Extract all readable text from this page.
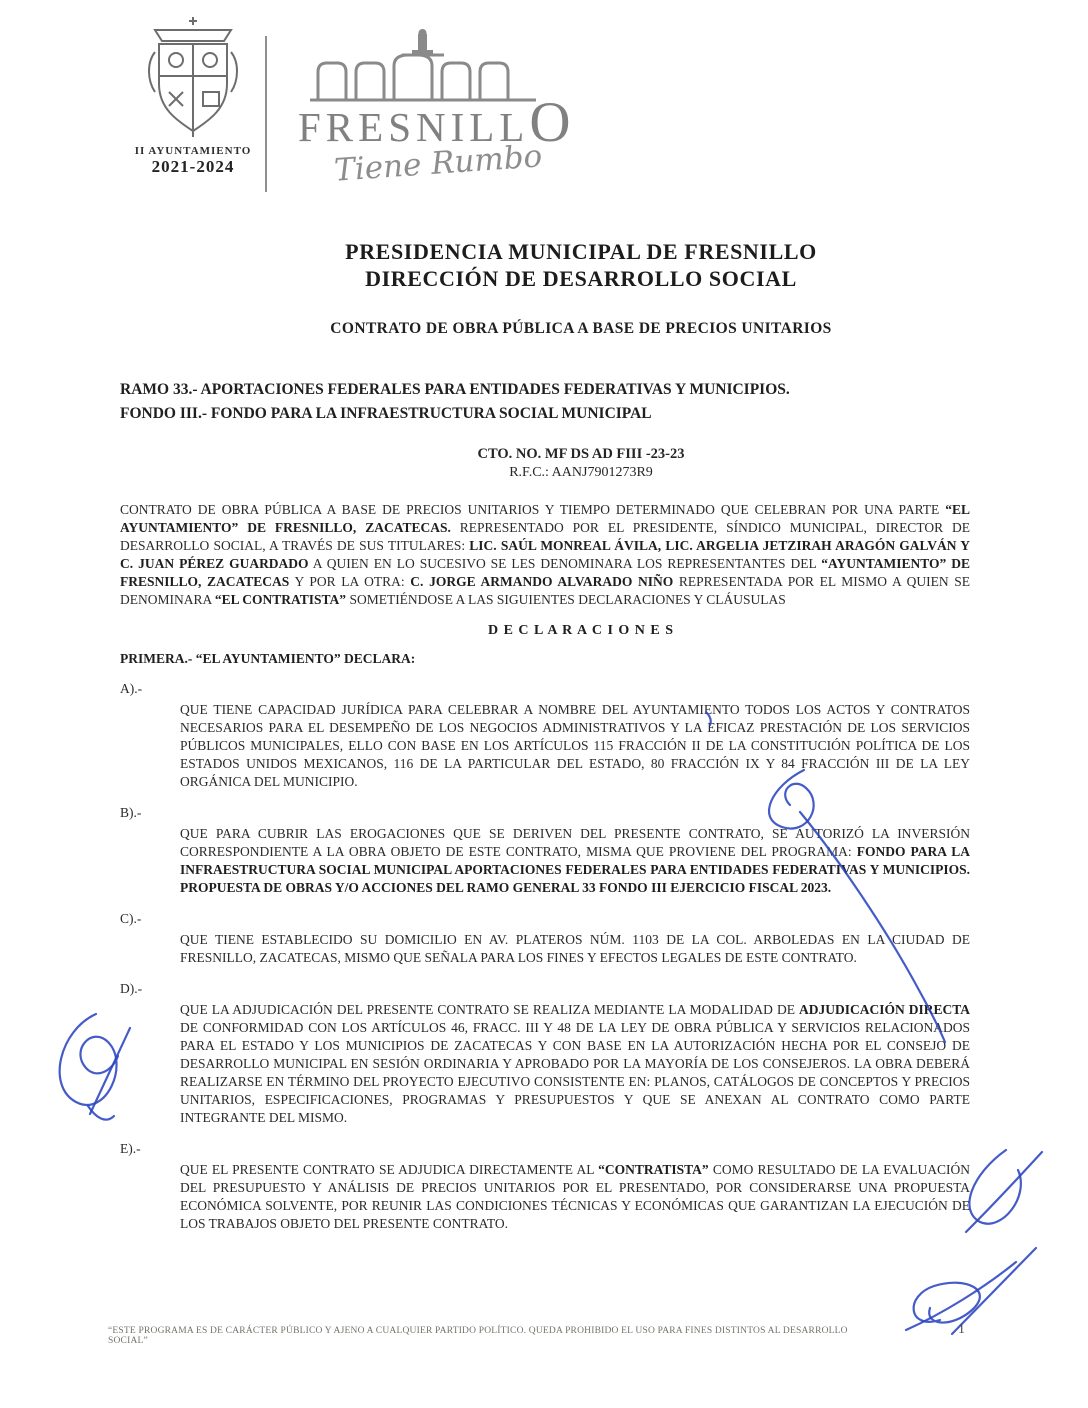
II AYUNTAMIENTO
2021-2024
FRESNILLO
Tiene Rumbo
PRESIDENCIA MUNICIPAL DE FRESNILLO
DIRECCIÓN DE DESARROLLO SOCIAL
CONTRATO DE OBRA PÚBLICA A BASE DE PRECIOS UNITARIOS
RAMO 33.- APORTACIONES FEDERALES PARA ENTIDADES FEDERATIVAS Y MUNICIPIOS.
FONDO III.- FONDO PARA LA INFRAESTRUCTURA SOCIAL MUNICIPAL
CTO. NO. MF DS AD FIII -23-23
R.F.C.: AANJ7901273R9

CONTRATO DE OBRA PÚBLICA A BASE DE PRECIOS UNITARIOS Y TIEMPO DETERMINADO QUE CELEBRAN POR UNA PARTE “EL AYUNTAMIENTO” DE FRESNILLO, ZACATECAS. REPRESENTADO POR EL PRESIDENTE, SÍNDICO MUNICIPAL, DIRECTOR DE DESARROLLO SOCIAL, A TRAVÉS DE SUS TITULARES: LIC. SAÚL MONREAL ÁVILA, LIC. ARGELIA JETZIRAH ARAGÓN GALVÁN Y C. JUAN PÉREZ GUARDADO A QUIEN EN LO SUCESIVO SE LES DENOMINARA LOS REPRESENTANTES DEL “AYUNTAMIENTO” DE FRESNILLO, ZACATECAS Y POR LA OTRA: C. JORGE ARMANDO ALVARADO NIÑO REPRESENTADA POR EL MISMO A QUIEN SE DENOMINARA “EL CONTRATISTA” SOMETIÉNDOSE A LAS SIGUIENTES DECLARACIONES Y CLÁUSULAS

D E C L A R A C I O N E S
PRIMERA.- “EL AYUNTAMIENTO” DECLARA:
A).-
QUE TIENE CAPACIDAD JURÍDICA PARA CELEBRAR A NOMBRE DEL AYUNTAMIENTO TODOS LOS ACTOS Y CONTRATOS NECESARIOS PARA EL DESEMPEÑO DE LOS NEGOCIOS ADMINISTRATIVOS Y LA EFICAZ PRESTACIÓN DE LOS SERVICIOS PÚBLICOS MUNICIPALES, ELLO CON BASE EN LOS ARTÍCULOS 115 FRACCIÓN II DE LA CONSTITUCIÓN POLÍTICA DE LOS ESTADOS UNIDOS MEXICANOS, 116 DE LA PARTICULAR DEL ESTADO, 80 FRACCIÓN IX Y 84 FRACCIÓN III DE LA LEY ORGÁNICA DEL MUNICIPIO.
B).-
QUE PARA CUBRIR LAS EROGACIONES QUE SE DERIVEN DEL PRESENTE CONTRATO, SE AUTORIZÓ LA INVERSIÓN CORRESPONDIENTE A LA OBRA OBJETO DE ESTE CONTRATO, MISMA QUE PROVIENE DEL PROGRAMA: FONDO PARA LA INFRAESTRUCTURA SOCIAL MUNICIPAL APORTACIONES FEDERALES PARA ENTIDADES FEDERATIVAS Y MUNICIPIOS. PROPUESTA DE OBRAS Y/O ACCIONES DEL RAMO GENERAL 33 FONDO III EJERCICIO FISCAL 2023.
C).-
QUE TIENE ESTABLECIDO SU DOMICILIO EN AV. PLATEROS NÚM. 1103 DE LA COL. ARBOLEDAS EN LA CIUDAD DE FRESNILLO, ZACATECAS, MISMO QUE SEÑALA PARA LOS FINES Y EFECTOS LEGALES DE ESTE CONTRATO.
D).-
QUE LA ADJUDICACIÓN DEL PRESENTE CONTRATO SE REALIZA MEDIANTE LA MODALIDAD DE ADJUDICACIÓN DIRECTA DE CONFORMIDAD CON LOS ARTÍCULOS 46, FRACC. III Y 48 DE LA LEY DE OBRA PÚBLICA Y SERVICIOS RELACIONADOS PARA EL ESTADO Y LOS MUNICIPIOS DE ZACATECAS Y CON BASE EN LA AUTORIZACIÓN HECHA POR EL CONSEJO DE DESARROLLO MUNICIPAL EN SESIÓN ORDINARIA Y APROBADO POR LA MAYORÍA DE LOS CONSEJEROS. LA OBRA DEBERÁ REALIZARSE EN TÉRMINO DEL PROYECTO EJECUTIVO CONSISTENTE EN: PLANOS, CATÁLOGOS DE CONCEPTOS Y PRECIOS UNITARIOS, ESPECIFICACIONES, PROGRAMAS Y PRESUPUESTOS Y QUE SE ANEXAN AL CONTRATO COMO PARTE INTEGRANTE DEL MISMO.
E).-
QUE EL PRESENTE CONTRATO SE ADJUDICA DIRECTAMENTE AL “CONTRATISTA” COMO RESULTADO DE LA EVALUACIÓN DEL PRESUPUESTO Y ANÁLISIS DE PRECIOS UNITARIOS POR EL PRESENTADO, POR CONSIDERARSE UNA PROPUESTA ECONÓMICA SOLVENTE, POR REUNIR LAS CONDICIONES TÉCNICAS Y ECONÓMICAS QUE GARANTIZAN LA EJECUCIÓN DE LOS TRABAJOS OBJETO DEL PRESENTE CONTRATO.
“ESTE PROGRAMA ES DE CARÁCTER PÚBLICO Y AJENO A CUALQUIER PARTIDO POLÍTICO. QUEDA PROHIBIDO EL USO PARA FINES DISTINTOS AL DESARROLLO SOCIAL”
1
